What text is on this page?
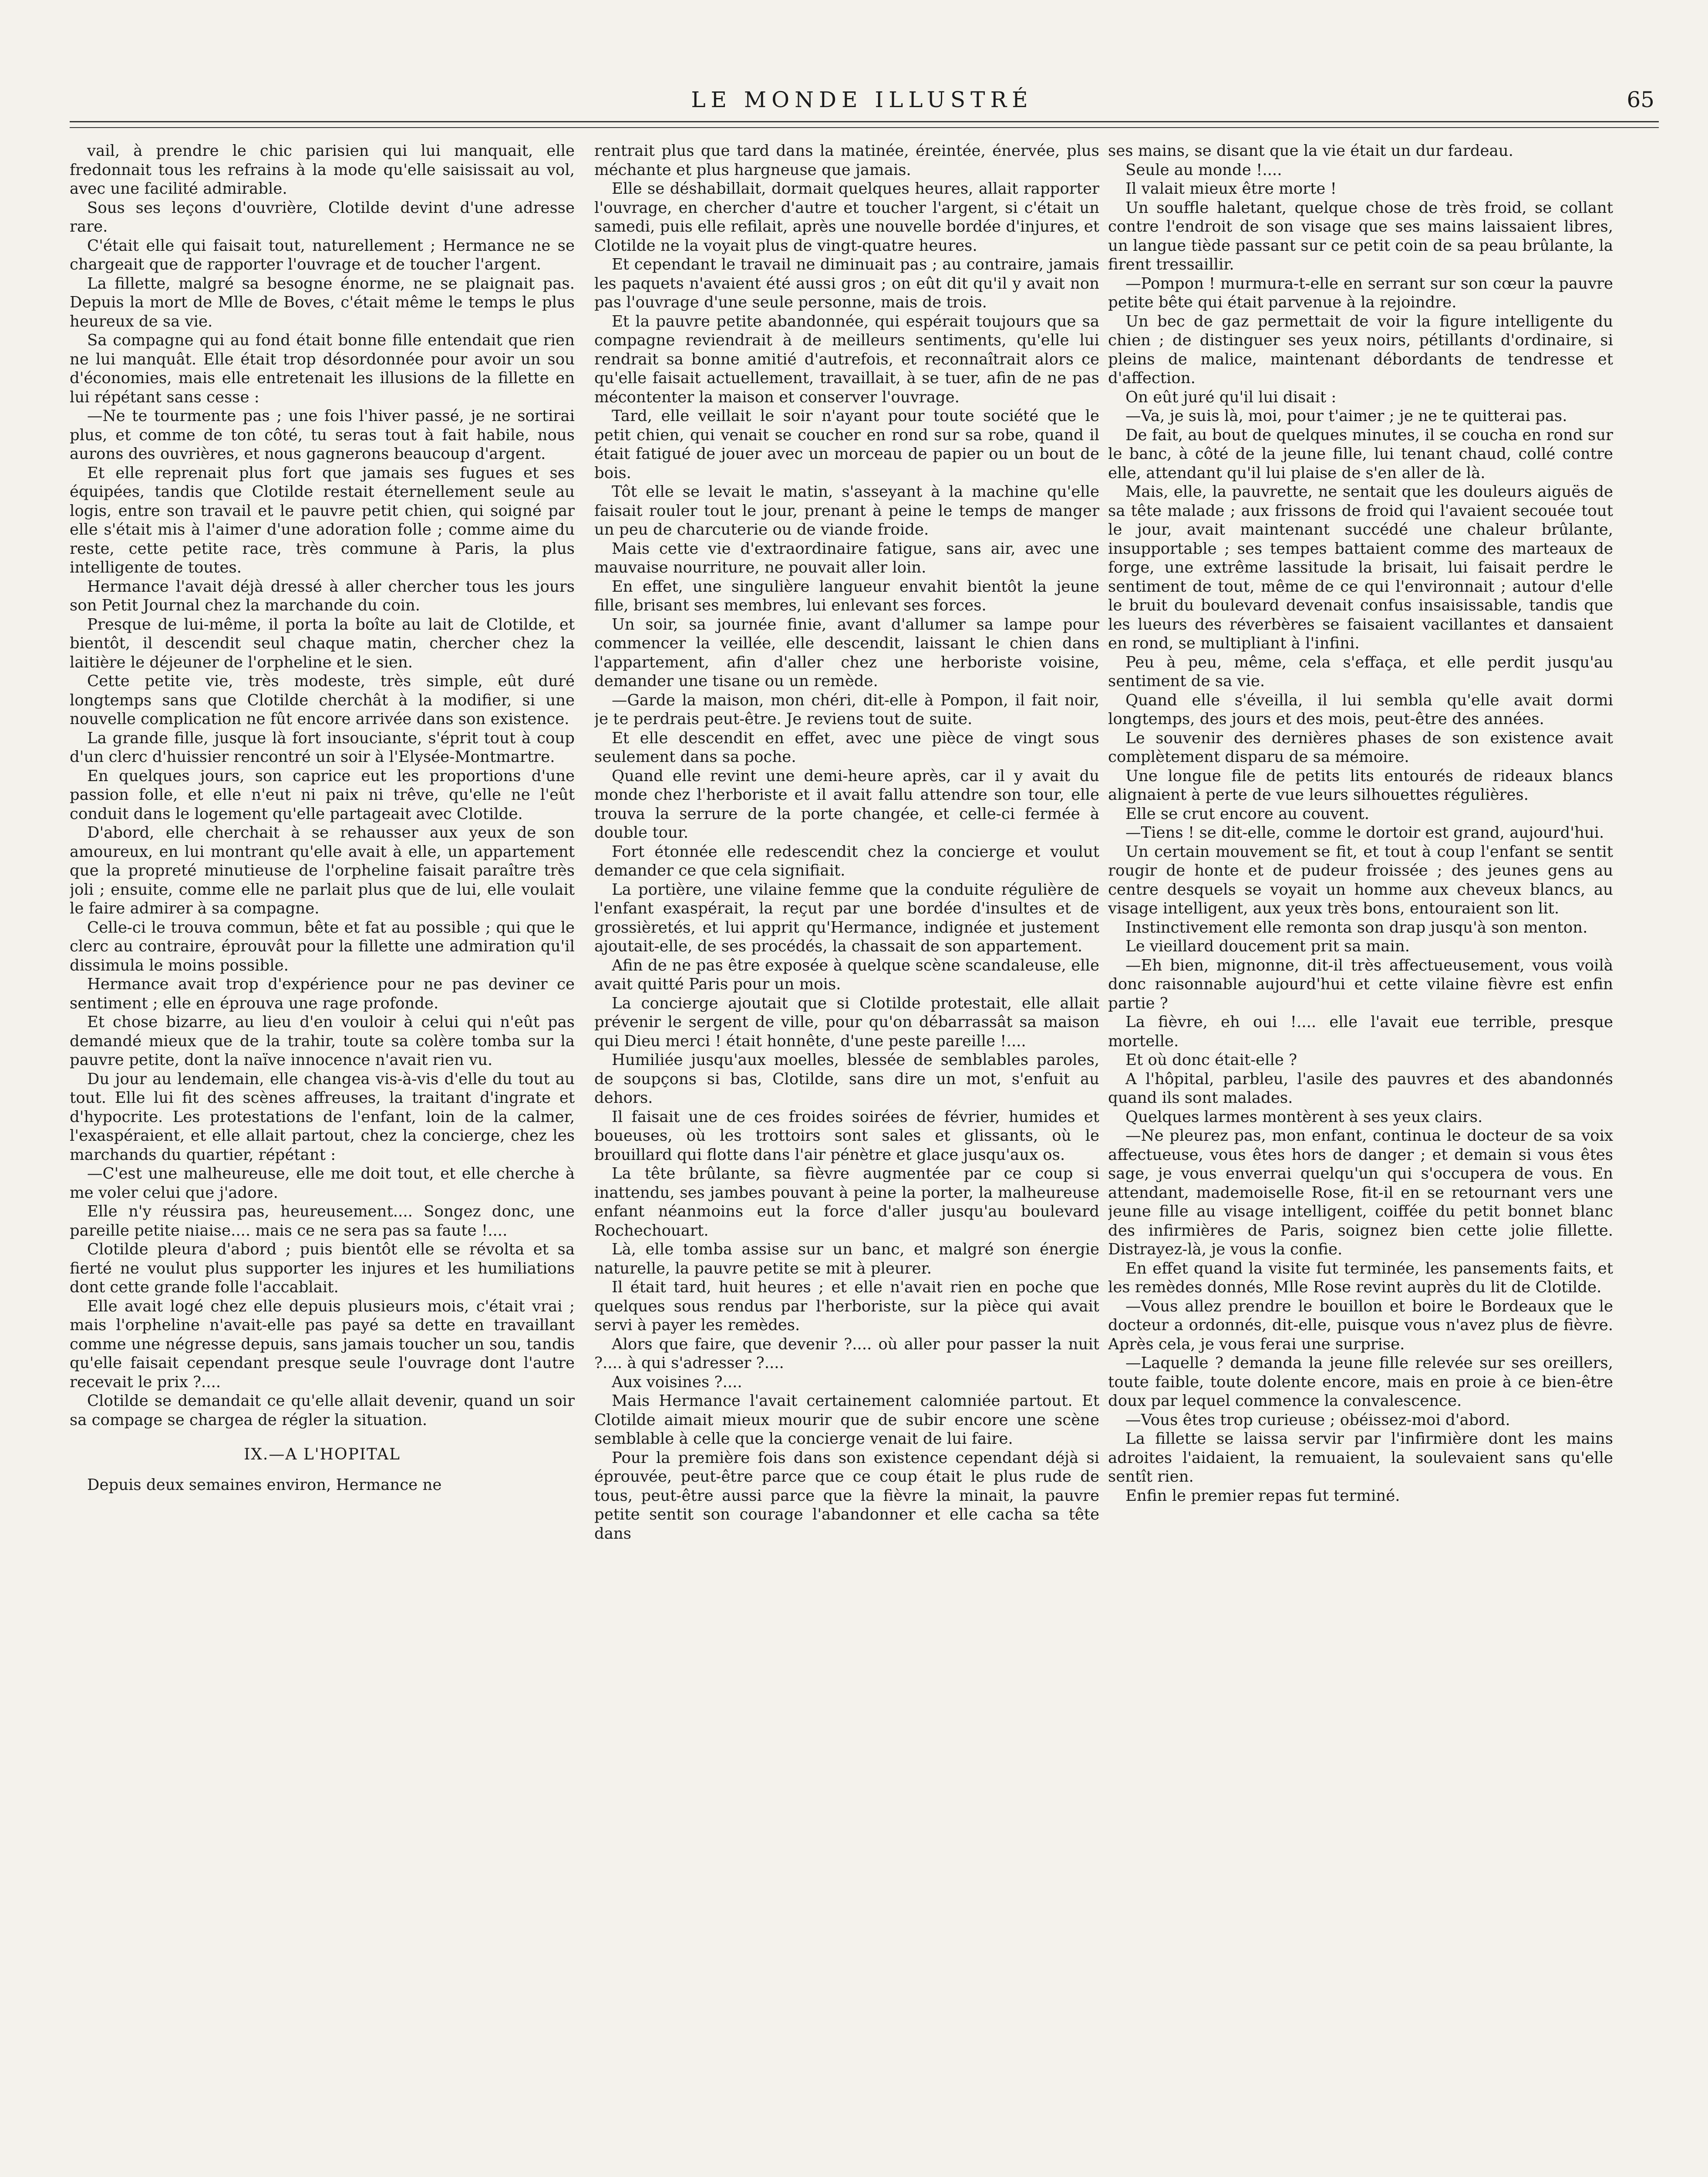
LE MONDE ILLUSTRÉ	65

vail, à prendre le chic parisien qui lui manquait, elle fredonnait tous les refrains à la mode qu'elle saisissait au vol, avec une facilité admirable.

Sous ses leçons d'ouvrière, Clotilde devint d'une adresse rare.

C'était elle qui faisait tout, naturellement ; Hermance ne se chargeait que de rapporter l'ouvrage et de toucher l'argent.

La fillette, malgré sa besogne énorme, ne se plaignait pas. Depuis la mort de Mlle de Boves, c'était même le temps le plus heureux de sa vie.

Sa compagne qui au fond était bonne fille entendait que rien ne lui manquât. Elle était trop désordonnée pour avoir un sou d'économies, mais elle entretenait les illusions de la fillette en lui répétant sans cesse :

—Ne te tourmente pas ; une fois l'hiver passé, je ne sortirai plus, et comme de ton côté, tu seras tout à fait habile, nous aurons des ouvrières, et nous gagnerons beaucoup d'argent.

Et elle reprenait plus fort que jamais ses fugues et ses équipées, tandis que Clotilde restait éternellement seule au logis, entre son travail et le pauvre petit chien, qui soigné par elle s'était mis à l'aimer d'une adoration folle ; comme aime du reste, cette petite race, très commune à Paris, la plus intelligente de toutes.

Hermance l'avait déjà dressé à aller chercher tous les jours son Petit Journal chez la marchande du coin.

Presque de lui-même, il porta la boîte au lait de Clotilde, et bientôt, il descendit seul chaque matin, chercher chez la laitière le déjeuner de l'orpheline et le sien.

Cette petite vie, très modeste, très simple, eût duré longtemps sans que Clotilde cherchât à la modifier, si une nouvelle complication ne fût encore arrivée dans son existence.

La grande fille, jusque là fort insouciante, s'éprit tout à coup d'un clerc d'huissier rencontré un soir à l'Elysée-Montmartre.

En quelques jours, son caprice eut les proportions d'une passion folle, et elle n'eut ni paix ni trêve, qu'elle ne l'eût conduit dans le logement qu'elle partageait avec Clotilde.

D'abord, elle cherchait à se rehausser aux yeux de son amoureux, en lui montrant qu'elle avait à elle, un appartement que la propreté minutieuse de l'orpheline faisait paraître très joli ; ensuite, comme elle ne parlait plus que de lui, elle voulait le faire admirer à sa compagne.

Celle-ci le trouva commun, bête et fat au possible ; qui que le clerc au contraire, éprouvât pour la fillette une admiration qu'il dissimula le moins possible.

Hermance avait trop d'expérience pour ne pas deviner ce sentiment ; elle en éprouva une rage profonde.

Et chose bizarre, au lieu d'en vouloir à celui qui n'eût pas demandé mieux que de la trahir, toute sa colère tomba sur la pauvre petite, dont la naïve innocence n'avait rien vu.

Du jour au lendemain, elle changea vis-à-vis d'elle du tout au tout. Elle lui fit des scènes affreuses, la traitant d'ingrate et d'hypocrite. Les protestations de l'enfant, loin de la calmer, l'exaspéraient, et elle allait partout, chez la concierge, chez les marchands du quartier, répétant :

—C'est une malheureuse, elle me doit tout, et elle cherche à me voler celui que j'adore.

Elle n'y réussira pas, heureusement.... Songez donc, une pareille petite niaise.... mais ce ne sera pas sa faute !....

Clotilde pleura d'abord ; puis bientôt elle se révolta et sa fierté ne voulut plus supporter les injures et les humiliations dont cette grande folle l'accablait.

Elle avait logé chez elle depuis plusieurs mois, c'était vrai ; mais l'orpheline n'avait-elle pas payé sa dette en travaillant comme une négresse depuis, sans jamais toucher un sou, tandis qu'elle faisait cependant presque seule l'ouvrage dont l'autre recevait le prix ?....

Clotilde se demandait ce qu'elle allait devenir, quand un soir sa compage se chargea de régler la situation.

IX.—A L'HOPITAL

Depuis deux semaines environ, Hermance ne

rentrait plus que tard dans la matinée, éreintée, énervée, plus méchante et plus hargneuse que jamais.

Elle se déshabillait, dormait quelques heures, allait rapporter l'ouvrage, en chercher d'autre et toucher l'argent, si c'était un samedi, puis elle refilait, après une nouvelle bordée d'injures, et Clotilde ne la voyait plus de vingt-quatre heures.

Et cependant le travail ne diminuait pas ; au contraire, jamais les paquets n'avaient été aussi gros ; on eût dit qu'il y avait non pas l'ouvrage d'une seule personne, mais de trois.

Et la pauvre petite abandonnée, qui espérait toujours que sa compagne reviendrait à de meilleurs sentiments, qu'elle lui rendrait sa bonne amitié d'autrefois, et reconnaîtrait alors ce qu'elle faisait actuellement, travaillait, à se tuer, afin de ne pas mécontenter la maison et conserver l'ouvrage.

Tard, elle veillait le soir n'ayant pour toute société que le petit chien, qui venait se coucher en rond sur sa robe, quand il était fatigué de jouer avec un morceau de papier ou un bout de bois.

Tôt elle se levait le matin, s'asseyant à la machine qu'elle faisait rouler tout le jour, prenant à peine le temps de manger un peu de charcuterie ou de viande froide.

Mais cette vie d'extraordinaire fatigue, sans air, avec une mauvaise nourriture, ne pouvait aller loin.

En effet, une singulière langueur envahit bientôt la jeune fille, brisant ses membres, lui enlevant ses forces.

Un soir, sa journée finie, avant d'allumer sa lampe pour commencer la veillée, elle descendit, laissant le chien dans l'appartement, afin d'aller chez une herboriste voisine, demander une tisane ou un remède.

—Garde la maison, mon chéri, dit-elle à Pompon, il fait noir, je te perdrais peut-être. Je reviens tout de suite.

Et elle descendit en effet, avec une pièce de vingt sous seulement dans sa poche.

Quand elle revint une demi-heure après, car il y avait du monde chez l'herboriste et il avait fallu attendre son tour, elle trouva la serrure de la porte changée, et celle-ci fermée à double tour.

Fort étonnée elle redescendit chez la concierge et voulut demander ce que cela signifiait.

La portière, une vilaine femme que la conduite régulière de l'enfant exaspérait, la reçut par une bordée d'insultes et de grossièretés, et lui apprit qu'Hermance, indignée et justement ajoutait-elle, de ses procédés, la chassait de son appartement.

Afin de ne pas être exposée à quelque scène scandaleuse, elle avait quitté Paris pour un mois.

La concierge ajoutait que si Clotilde protestait, elle allait prévenir le sergent de ville, pour qu'on débarrassât sa maison qui Dieu merci ! était honnête, d'une peste pareille !....

Humiliée jusqu'aux moelles, blessée de semblables paroles, de soupçons si bas, Clotilde, sans dire un mot, s'enfuit au dehors.

Il faisait une de ces froides soirées de février, humides et boueuses, où les trottoirs sont sales et glissants, où le brouillard qui flotte dans l'air pénètre et glace jusqu'aux os.

La tête brûlante, sa fièvre augmentée par ce coup si inattendu, ses jambes pouvant à peine la porter, la malheureuse enfant néanmoins eut la force d'aller jusqu'au boulevard Rochechouart.

Là, elle tomba assise sur un banc, et malgré son énergie naturelle, la pauvre petite se mit à pleurer.

Il était tard, huit heures ; et elle n'avait rien en poche que quelques sous rendus par l'herboriste, sur la pièce qui avait servi à payer les remèdes.

Alors que faire, que devenir ?.... où aller pour passer la nuit ?.... à qui s'adresser ?....

Aux voisines ?....

Mais Hermance l'avait certainement calomniée partout. Et Clotilde aimait mieux mourir que de subir encore une scène semblable à celle que la concierge venait de lui faire.

Pour la première fois dans son existence cependant déjà si éprouvée, peut-être parce que ce coup était le plus rude de tous, peut-être aussi parce que la fièvre la minait, la pauvre petite sentit son courage l'abandonner et elle cacha sa tête dans

ses mains, se disant que la vie était un dur fardeau.

Seule au monde !....

Il valait mieux être morte !

Un souffle haletant, quelque chose de très froid, se collant contre l'endroit de son visage que ses mains laissaient libres, un langue tiède passant sur ce petit coin de sa peau brûlante, la firent tressaillir.

—Pompon ! murmura-t-elle en serrant sur son cœur la pauvre petite bête qui était parvenue à la rejoindre.

Un bec de gaz permettait de voir la figure intelligente du chien ; de distinguer ses yeux noirs, pétillants d'ordinaire, si pleins de malice, maintenant débordants de tendresse et d'affection.

On eût juré qu'il lui disait :

—Va, je suis là, moi, pour t'aimer ; je ne te quitterai pas.

De fait, au bout de quelques minutes, il se coucha en rond sur le banc, à côté de la jeune fille, lui tenant chaud, collé contre elle, attendant qu'il lui plaise de s'en aller de là.

Mais, elle, la pauvrette, ne sentait que les douleurs aiguës de sa tête malade ; aux frissons de froid qui l'avaient secouée tout le jour, avait maintenant succédé une chaleur brûlante, insupportable ; ses tempes battaient comme des marteaux de forge, une extrême lassitude la brisait, lui faisait perdre le sentiment de tout, même de ce qui l'environnait ; autour d'elle le bruit du boulevard devenait confus insaisissable, tandis que les lueurs des réverbères se faisaient vacillantes et dansaient en rond, se multipliant à l'infini.

Peu à peu, même, cela s'effaça, et elle perdit jusqu'au sentiment de sa vie.

Quand elle s'éveilla, il lui sembla qu'elle avait dormi longtemps, des jours et des mois, peut-être des années.

Le souvenir des dernières phases de son existence avait complètement disparu de sa mémoire.

Une longue file de petits lits entourés de rideaux blancs alignaient à perte de vue leurs silhouettes régulières.

Elle se crut encore au couvent.

—Tiens ! se dit-elle, comme le dortoir est grand, aujourd'hui.

Un certain mouvement se fit, et tout à coup l'enfant se sentit rougir de honte et de pudeur froissée ; des jeunes gens au centre desquels se voyait un homme aux cheveux blancs, au visage intelligent, aux yeux très bons, entouraient son lit.

Instinctivement elle remonta son drap jusqu'à son menton.

Le vieillard doucement prit sa main.

—Eh bien, mignonne, dit-il très affectueusement, vous voilà donc raisonnable aujourd'hui et cette vilaine fièvre est enfin partie ?

La fièvre, eh oui !.... elle l'avait eue terrible, presque mortelle.

Et où donc était-elle ?

A l'hôpital, parbleu, l'asile des pauvres et des abandonnés quand ils sont malades.

Quelques larmes montèrent à ses yeux clairs.

—Ne pleurez pas, mon enfant, continua le docteur de sa voix affectueuse, vous êtes hors de danger ; et demain si vous êtes sage, je vous enverrai quelqu'un qui s'occupera de vous. En attendant, mademoiselle Rose, fit-il en se retournant vers une jeune fille au visage intelligent, coiffée du petit bonnet blanc des infirmières de Paris, soignez bien cette jolie fillette. Distrayez-là, je vous la confie.

En effet quand la visite fut terminée, les pansements faits, et les remèdes donnés, Mlle Rose revint auprès du lit de Clotilde.

—Vous allez prendre le bouillon et boire le Bordeaux que le docteur a ordonnés, dit-elle, puisque vous n'avez plus de fièvre. Après cela, je vous ferai une surprise.

—Laquelle ? demanda la jeune fille relevée sur ses oreillers, toute faible, toute dolente encore, mais en proie à ce bien-être doux par lequel commence la convalescence.

—Vous êtes trop curieuse ; obéissez-moi d'abord.

La fillette se laissa servir par l'infirmière dont les mains adroites l'aidaient, la remuaient, la soulevaient sans qu'elle sentît rien.

Enfin le premier repas fut terminé.
